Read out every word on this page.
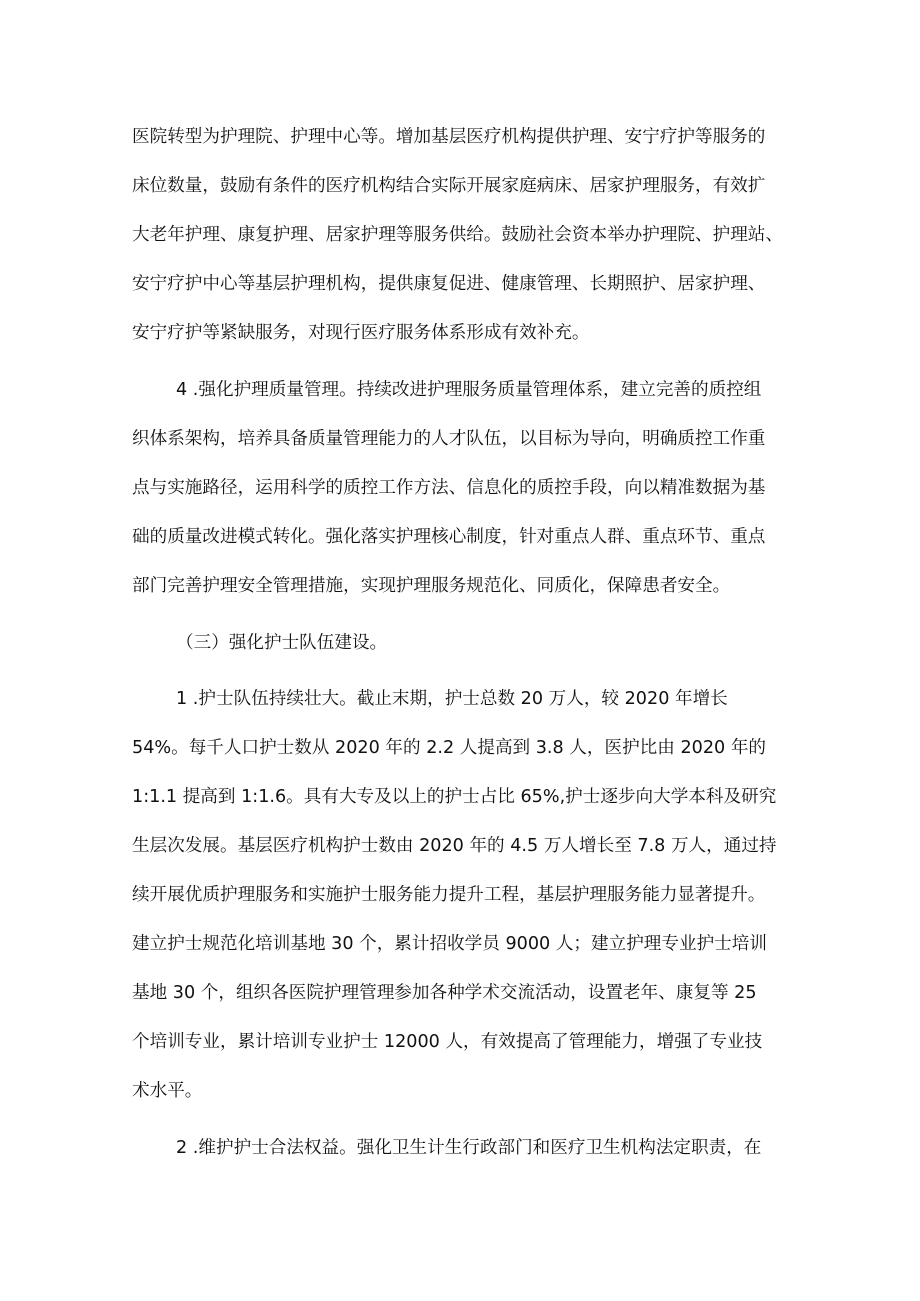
医院转型为护理院、护理中心等。增加基层医疗机构提供护理、安宁疗护等服务的
床位数量，鼓励有条件的医疗机构结合实际开展家庭病床、居家护理服务，有效扩
大老年护理、康复护理、居家护理等服务供给。鼓励社会资本举办护理院、护理站、
安宁疗护中心等基层护理机构，提供康复促进、健康管理、长期照护、居家护理、
安宁疗护等紧缺服务，对现行医疗服务体系形成有效补充。
4 .强化护理质量管理。持续改进护理服务质量管理体系，建立完善的质控组
织体系架构，培养具备质量管理能力的人才队伍，以目标为导向，明确质控工作重
点与实施路径，运用科学的质控工作方法、信息化的质控手段，向以精准数据为基
础的质量改进模式转化。强化落实护理核心制度，针对重点人群、重点环节、重点
部门完善护理安全管理措施，实现护理服务规范化、同质化，保障患者安全。
（三）强化护士队伍建设。
1 .护士队伍持续壮大。截止末期，护士总数 20 万人，较 2020 年增长
54%。每千人口护士数从 2020 年的 2.2 人提高到 3.8 人，医护比由 2020 年的
1:1.1 提高到 1:1.6。具有大专及以上的护士占比 65%,护士逐步向大学本科及研究
生层次发展。基层医疗机构护士数由 2020 年的 4.5 万人增长至 7.8 万人，通过持
续开展优质护理服务和实施护士服务能力提升工程，基层护理服务能力显著提升。
建立护士规范化培训基地 30 个，累计招收学员 9000 人；建立护理专业护士培训
基地 30 个，组织各医院护理管理参加各种学术交流活动，设置老年、康复等 25
个培训专业，累计培训专业护士 12000 人，有效提高了管理能力，增强了专业技
术水平。
2 .维护护士合法权益。强化卫生计生行政部门和医疗卫生机构法定职责，在
